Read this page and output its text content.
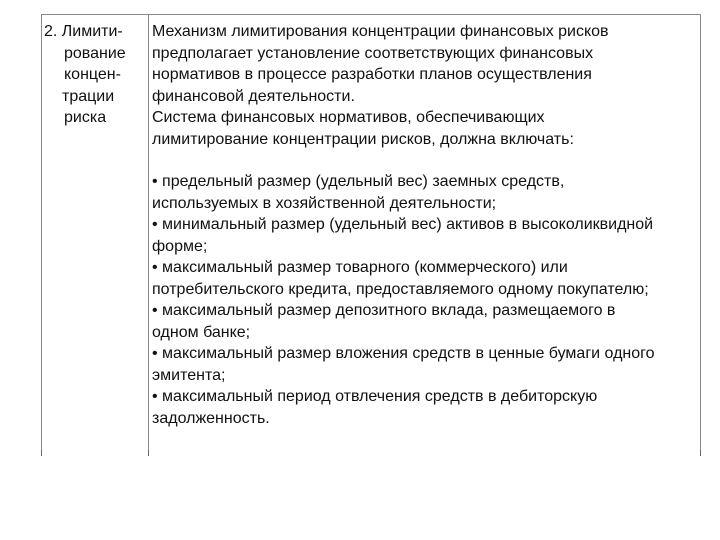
2. Лимити-
рование
концен-
трации
риска
Механизм лимитирования концентрации финансовых рисков
предполагает установление соответствующих финансовых
нормативов в процессе разработки планов осуществления
финансовой деятельности.
Система финансовых нормативов, обеспечивающих
лимитирование концентрации рисков, должна включать:
• предельный размер (удельный вес) заемных средств,
используемых в хозяйственной деятельности;
• минимальный размер (удельный вес) активов в высоколиквидной
форме;
• максимальный размер товарного (коммерческого) или
потребительского кредита, предоставляемого одному покупателю;
• максимальный размер депозитного вклада, размещаемого в
одном банке;
• максимальный размер вложения средств в ценные бумаги одного
эмитента;
• максимальный период отвлечения средств в дебиторскую
задолженность.
